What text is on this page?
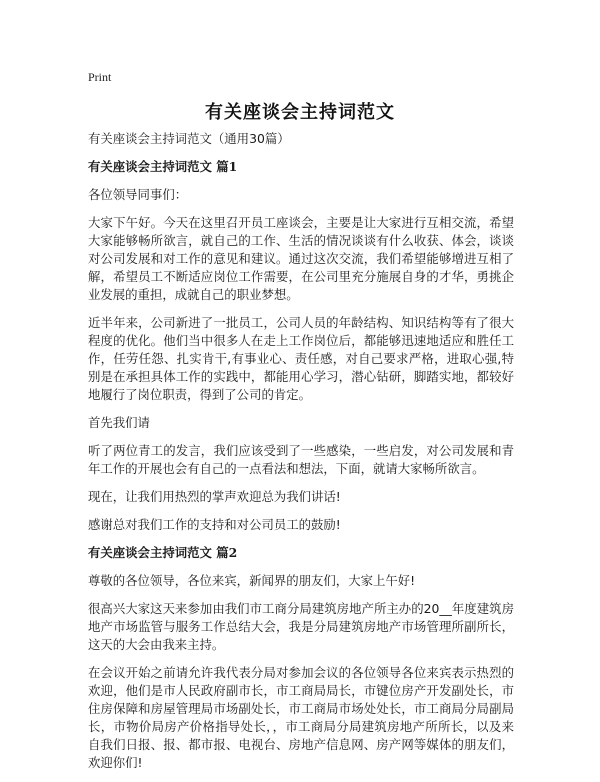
Print
有关座谈会主持词范文
有关座谈会主持词范文（通用30篇）
有关座谈会主持词范文 篇1

各位领导同事们：

大家下午好。今天在这里召开员工座谈会，主要是让大家进行互相交流，希望大家能够畅所欲言，就自己的工作、生活的情况谈谈有什么收获、体会，谈谈对公司发展和对工作的意见和建议。通过这次交流，我们希望能够增进互相了解，希望员工不断适应岗位工作需要，在公司里充分施展自身的才华，勇挑企业发展的重担，成就自己的职业梦想。

近半年来，公司新进了一批员工，公司人员的年龄结构、知识结构等有了很大程度的优化。他们当中很多人在走上工作岗位后，都能够迅速地适应和胜任工作，任劳任怨、扎实肯干,有事业心、责任感，对自己要求严格，进取心强,特别是在承担具体工作的实践中，都能用心学习，潜心钻研，脚踏实地，都较好地履行了岗位职责，得到了公司的肯定。

首先我们请

听了两位青工的发言，我们应该受到了一些感染，一些启发，对公司发展和青年工作的开展也会有自己的一点看法和想法，下面，就请大家畅所欲言。

现在，让我们用热烈的掌声欢迎总为我们讲话!

感谢总对我们工作的支持和对公司员工的鼓励!

有关座谈会主持词范文 篇2

尊敬的各位领导，各位来宾，新闻界的朋友们，大家上午好!

很高兴大家这天来参加由我们市工商分局建筑房地产所主办的20__年度建筑房地产市场监管与服务工作总结大会，我是分局建筑房地产市场管理所副所长，这天的大会由我来主持。

在会议开始之前请允许我代表分局对参加会议的各位领导各位来宾表示热烈的欢迎，他们是市人民政府副市长，市工商局局长，市键位房产开发副处长，市住房保障和房屋管理局市场副处长，市工商局市场处处长，市工商局分局副局长，市物价局房产价格指导处长，，市工商局分局建筑房地产所所长，以及来自我们日报、报、都市报、电视台、房地产信息网、房产网等媒体的朋友们，欢迎你们!
